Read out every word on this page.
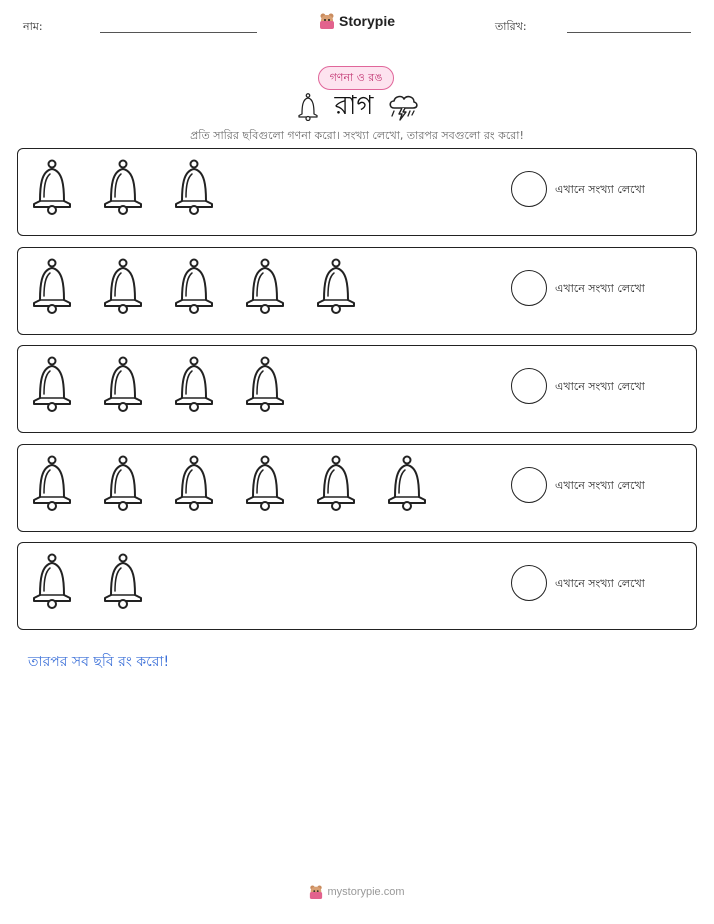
নাম:	Storypie	তারিখ:
গণনা ও রঙ
রাগ
প্রতি সারির ছবিগুলো গণনা করো। সংখ্যা লেখো, তারপর সবগুলো রং করো!
এখানে সংখ্যা লেখো
এখানে সংখ্যা লেখো
এখানে সংখ্যা লেখো
এখানে সংখ্যা লেখো
এখানে সংখ্যা লেখো
তারপর সব ছবি রং করো!
mystorypie.com
